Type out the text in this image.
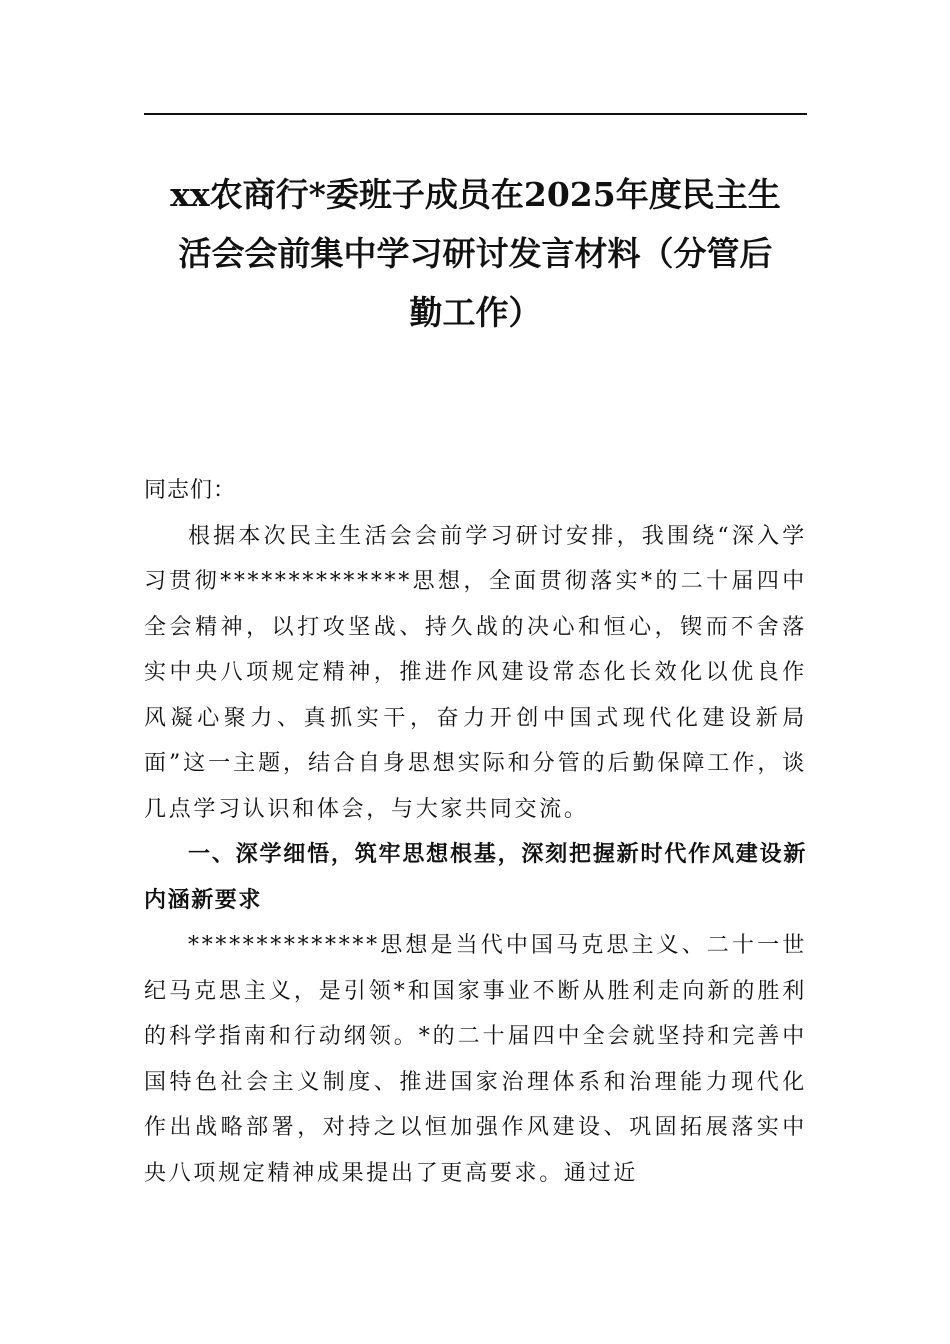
xx农商行*委班子成员在2025年度民主生
活会会前集中学习研讨发言材料（分管后
勤工作）

同志们：

根据本次民主生活会会前学习研讨安排，我围绕“深入学习贯彻**************思想，全面贯彻落实*的二十届四中全会精神，以打攻坚战、持久战的决心和恒心，锲而不舍落实中央八项规定精神，推进作风建设常态化长效化以优良作风凝心聚力、真抓实干，奋力开创中国式现代化建设新局面”这一主题，结合自身思想实际和分管的后勤保障工作，谈几点学习认识和体会，与大家共同交流。

一、深学细悟，筑牢思想根基，深刻把握新时代作风建设新内涵新要求

**************思想是当代中国马克思主义、二十一世纪马克思主义，是引领*和国家事业不断从胜利走向新的胜利的科学指南和行动纲领。*的二十届四中全会就坚持和完善中国特色社会主义制度、推进国家治理体系和治理能力现代化作出战略部署，对持之以恒加强作风建设、巩固拓展落实中央八项规定精神成果提出了更高要求。通过近
